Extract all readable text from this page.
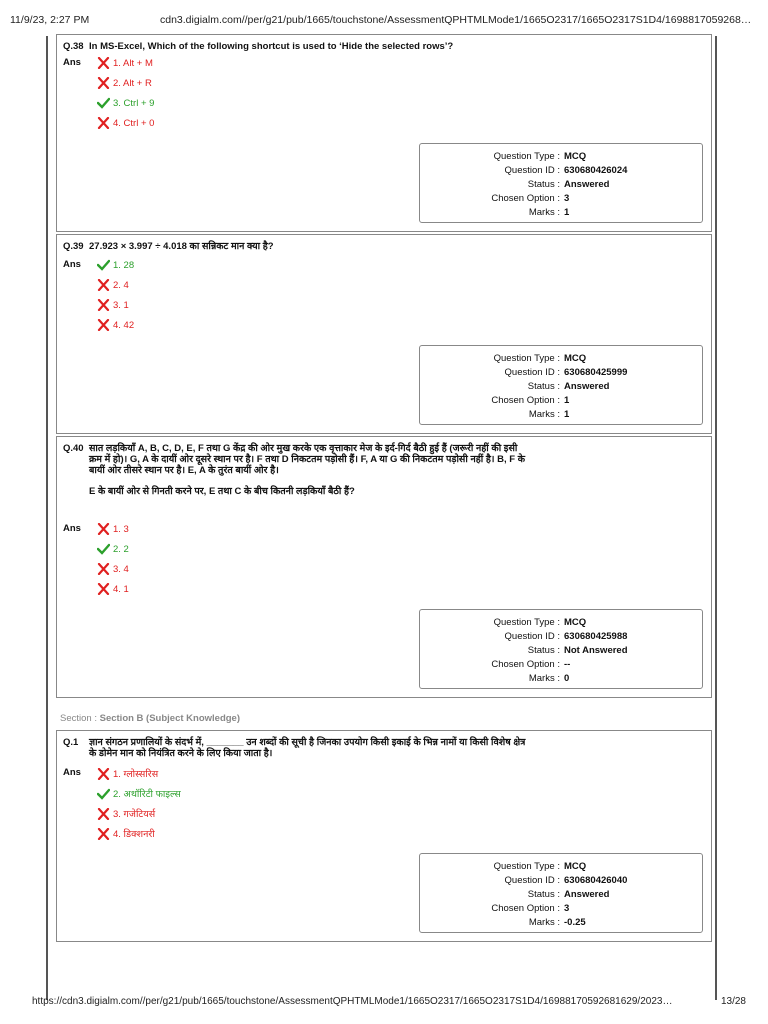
11/9/23, 2:27 PM	cdn3.digialm.com//per/g21/pub/1665/touchstone/AssessmentQPHTMLMode1/1665O2317/1665O2317S1D4/1698817059268…
Q.38 In MS-Excel, Which of the following shortcut is used to ‘Hide the selected rows’?
Ans	1. Alt + M
2. Alt + R
3. Ctrl + 9
4. Ctrl + 0
Question Type : MCQ
Question ID : 630680426024
Status : Answered
Chosen Option : 3
Marks : 1
Q.39 27.923 × 3.997 ÷ 4.018 का सन्निकट मान क्या है?
Ans	1. 28
2. 4
3. 1
4. 42
Question Type : MCQ
Question ID : 630680425999
Status : Answered
Chosen Option : 1
Marks : 1
Q.40 सात लड़कियाँ A, B, C, D, E, F तथा G केंद्र की ओर मुख करके एक वृत्ताकार मेज के इर्द-गिर्द बैठी हुई हैं (जरूरी नहीं की इसी क्रम में हो)। G, A के दायीं ओर दूसरे स्थान पर है। F तथा D निकटतम पड़ोसी हैं। F, A या G की निकटतम पड़ोसी नहीं है। B, F के बायीं ओर तीसरे स्थान पर है। E, A के तुरंत बायीं ओर है।
E के बायीं ओर से गिनती करने पर, E तथा C के बीच कितनी लड़कियाँ बैठी हैं?
Ans	1. 3
2. 2
3. 4
4. 1
Question Type : MCQ
Question ID : 630680425988
Status : Not Answered
Chosen Option : --
Marks : 0
Section : Section B (Subject Knowledge)
Q.1 ज्ञान संगठन प्रणालियों के संदर्भ में, _______ उन शब्दों की सूची है जिनका उपयोग किसी इकाई के भिन्न नामों या किसी विशेष क्षेत्र के डोमेन मान को नियंत्रित करने के लिए किया जाता है।
Ans	1. ग्लोस्सरिस
2. अथॉरिटी फाइल्स
3. गजेटियर्स
4. डिक्शनरी
Question Type : MCQ
Question ID : 630680426040
Status : Answered
Chosen Option : 3
Marks : -0.25
https://cdn3.digialm.com//per/g21/pub/1665/touchstone/AssessmentQPHTMLMode1/1665O2317/1665O2317S1D4/16988170592681629/2023…	13/28
